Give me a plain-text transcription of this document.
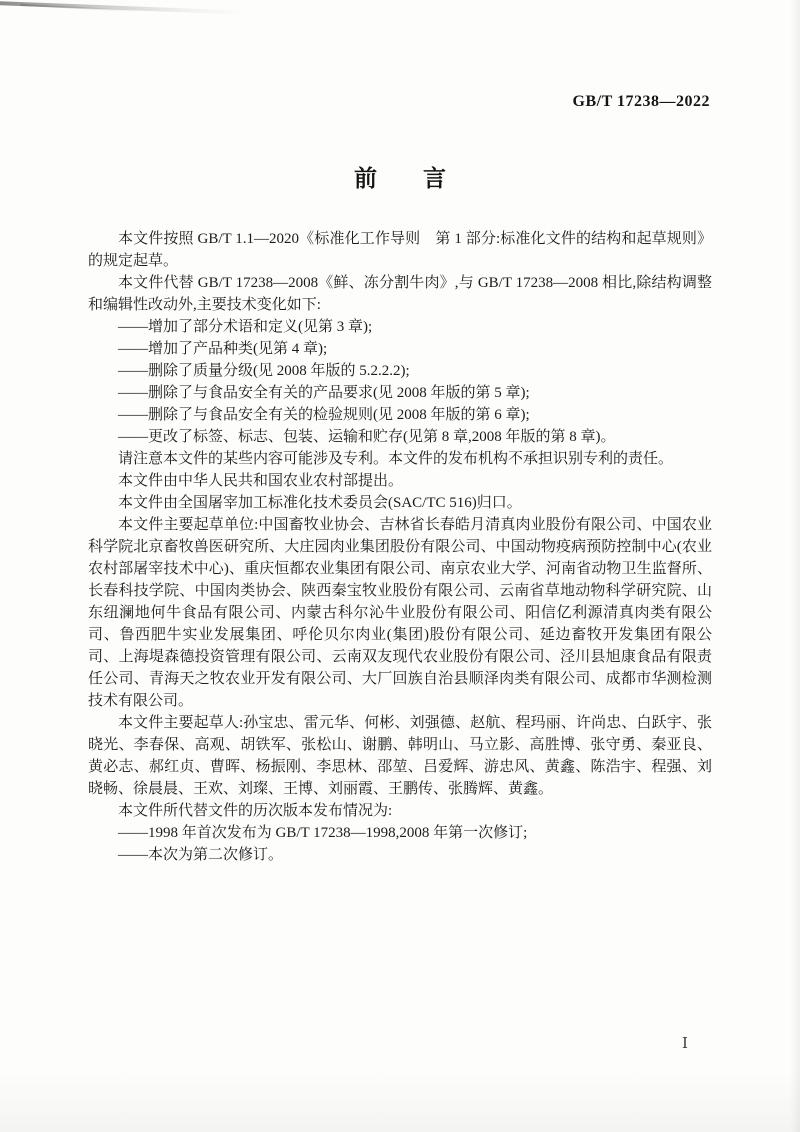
GB/T 17238—2022
前　　言

本文件按照 GB/T 1.1—2020《标准化工作导则　第 1 部分:标准化文件的结构和起草规则》的规定起草。

本文件代替 GB/T 17238—2008《鲜、冻分割牛肉》,与 GB/T 17238—2008 相比,除结构调整和编辑性改动外,主要技术变化如下:

——增加了部分术语和定义(见第 3 章);

——增加了产品种类(见第 4 章);

——删除了质量分级(见 2008 年版的 5.2.2.2);

——删除了与食品安全有关的产品要求(见 2008 年版的第 5 章);

——删除了与食品安全有关的检验规则(见 2008 年版的第 6 章);

——更改了标签、标志、包装、运输和贮存(见第 8 章,2008 年版的第 8 章)。

请注意本文件的某些内容可能涉及专利。本文件的发布机构不承担识别专利的责任。

本文件由中华人民共和国农业农村部提出。

本文件由全国屠宰加工标准化技术委员会(SAC/TC 516)归口。

本文件主要起草单位:中国畜牧业协会、吉林省长春皓月清真肉业股份有限公司、中国农业科学院北京畜牧兽医研究所、大庄园肉业集团股份有限公司、中国动物疫病预防控制中心(农业农村部屠宰技术中心)、重庆恒都农业集团有限公司、南京农业大学、河南省动物卫生监督所、长春科技学院、中国肉类协会、陕西秦宝牧业股份有限公司、云南省草地动物科学研究院、山东纽澜地何牛食品有限公司、内蒙古科尔沁牛业股份有限公司、阳信亿利源清真肉类有限公司、鲁西肥牛实业发展集团、呼伦贝尔肉业(集团)股份有限公司、延边畜牧开发集团有限公司、上海堤森德投资管理有限公司、云南双友现代农业股份有限公司、泾川县旭康食品有限责任公司、青海天之牧农业开发有限公司、大厂回族自治县顺泽肉类有限公司、成都市华测检测技术有限公司。

本文件主要起草人:孙宝忠、雷元华、何彬、刘强德、赵航、程玛丽、许尚忠、白跃宇、张晓光、李春保、高观、胡铁军、张松山、谢鹏、韩明山、马立影、高胜博、张守勇、秦亚良、黄必志、郝红贞、曹晖、杨振刚、李思林、邵堃、吕爱辉、游忠风、黄鑫、陈浩宇、程强、刘晓畅、徐晨晨、王欢、刘璨、王博、刘丽霞、王鹏传、张腾辉、黄鑫。

本文件所代替文件的历次版本发布情况为:

——1998 年首次发布为 GB/T 17238—1998,2008 年第一次修订;

——本次为第二次修订。

Ⅰ
